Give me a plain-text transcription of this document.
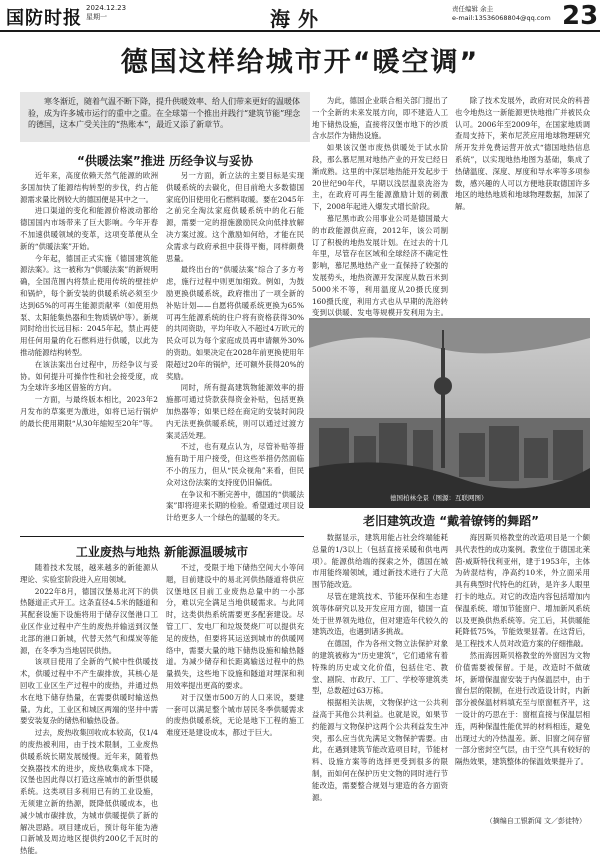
国防时报 2024.12.23
星期一	海外	责任编辑 余圭
e-mail:13536068804@qq.com 23
德国这样给城市开“暖空调”
寒冬渐近，随着气温不断下降，提升供暖效率、给人们带来更好的温暖体验，成为许多城市运行的重中之重。在全球第一个推出并践行“建筑节能”理念的德国，这本广受关注的“热账本”，最近又添了新章节。
“供暖法案”推进 历经争议与妥协

近年来，高度依赖天然气能源的欧洲多国加快了能源结构转型的步伐，约占能源需求量比例较大的德国便是其中之一。

进口渠道的变化和能源价格波动都给德国国内市场带来了巨大影响。今年开春不加速供暖领域的变革，这项变革便从全新的“供暖法案”开始。

今年起，德国正式实施《德国建筑能源法案》。这一被称为“供暖法案”的新规明确，全国范围内将禁止使用传统的壁挂炉和锅炉，每个新安装的供暖系统必须至少达到65%的可再生能源贡献率（如使用热泵、太阳能集热器和生物质锅炉等）。新规同时给出长远目标：2045年起，禁止再使用任何用量的化石燃料进行供暖，以此为推动能源结构转型。

在该法案出台过程中，历经争议与妥协。如何提升可操作性和社会接受度，成为全球许多地区借鉴的方向。

一方面，与最终版本相比，2023年2月发布的草案更为激进，如将已运行锅炉的最长使用期限“从30年缩短至20年”等。

另一方面，新立法的主要目标是实现供暖系统的去碳化，但目前绝大多数德国家庭仍旧使用化石燃料取暖。要在2045年之前完全淘汰家庭供暖系统中的化石能源，需要一定的措施激励民众向低排放解决方案过渡。这个激励如何给，才能在民众需求与政府承担中获得平衡，同样颇费思量。

最终出台的“供暖法案”综合了多方考虑，施行过程中则更加细致。例如，为鼓励更换供暖系统，政府推出了一项全新的补贴计划——自愿将供暖系统更换为65%可再生能源系统的住户将有资格获得30%的共同资助，平均年收入不超过4万欧元的民众可以为每个家庭成员再申请额外30%的资助。如果决定在2028年前更换使用年限超过20年的锅炉，还可额外获得20%的奖励。

同时，所有提高建筑物能源效率的措施都可通过贷款获得资金补贴，包括更换加热器等；如果已经在商定的安装时间段内无法更换供暖系统，则可以通过过渡方案灵活处理。

不过，也有观点认为，尽管补贴等措施有助于用户接受，但这些举措仍然面临不小的压力，但从“民众视角”来看，但民众对这份法案的支持度仍旧偏低。

在争议和不断完善中，德国的“供暖法案”即将迎来长期的检验。希望通过项目设计给更多人一个绿色的温暖的冬天。

为此，德国企业联合相关部门提出了一个全新的未来发展方向，即不建造人工地下储热设施，直接将汉堡市地下的沙质含水层作为储热设施。

如果该汉堡市废热供暖处于试水阶段，那么慕尼黑对地热产业的开发已经日渐成熟。这里的中深层地热能开发起步于20世纪90年代，早期以浅层温泉洗浴为主，在政府可再生能源激励计划的刺激下，2008年起进入爆发式增长阶段。

慕尼黑市政公用事业公司是德国最大的市政能源供应商，2012年，该公司制订了积极的地热发展计划。在过去的十几年里，尽管存在区域和全球经济不确定性影响，慕尼黑地热产业一直保持了较强的发展势头，地热资源开发深度从数百米到5000米不等，利用温度从20摄氏度到160摄氏度，利用方式也从早期的洗浴转变到以供暖、发电等规模开发利用为主。

除了技术发展外，政府对民众的科普也令地热这一新能源更快地推广并被民众认可。2006年至2009年，在国家地质调查局支持下，莱布尼茨应用地球物理研究所开发并免费运营开放式“德国地热信息系统”，以实现地热地图为基础，集成了热储温度、深度、厚度和导水率等多项参数，感兴趣的人可以方便地获取德国许多地区的地热地质和地球物理数据，加深了解。

德国柏林全景（图源：互联网图）
老旧建筑改造 “戴着镣铐的舞蹈”

数据显示，建筑用能占社会终端能耗总量的1/3以上（包括直接采暖和供电两项）。能源供给端的探索之外，德国在城市用能终端领域，通过新技术进行了大范围节能改造。

尽管在建筑技术、节能环保和生态建筑等体研究以及开发应用方面，德国一直处于世界领先地位，但对建造年代较久的建筑改造，也遇到诸多挑战。

在德国，作为各州文物立法保护对象的建筑被称为“历史建筑”，它们通常有着特殊的历史或文化价值，包括住宅、教堂、剧院、市政厅、工厂、学校等建筑类型，总数超过63万栋。

根据相关法规，文物保护这一公共利益高于其他公共利益。也就是说，如果节约能源与文物保护这两个公共利益发生冲突，那么应当优先满足文物保护需要。由此，在遇到建筑节能改造项目时，节能材料、设施方案等的选择更受到很多的限制，而如何在保护历史文物的同时进行节能改造，需要整合规划与建造的各方面资源。

海因斯贝格教堂的改造项目是一个颇具代表性的成功案例。教堂位于德国北莱茵-威斯特伐利亚州，建于1953年，主体为砖混结构，净高约10米，外立面采用具有典型时代特色的红砖，是许多人眼里打卡的地点。对它的改造内容包括增加内保温系统、增加节能窗户、增加新风系统以及更换供热系统等。完工后，其供暖能耗降低75%，节能效果显著。在这背后，是工程技术人员对改造方案的仔细推敲。

然而海因斯贝格教堂的外窗因为文物价值需要被保留。于是，改造时不做破坏，新增保温窗安装于内保温层中，由于窗台层的限制，在进行改造设计时，内新部分被保温材料填充至与原窗框齐平，这一设计的巧思在于：窗框直接与保温层相连，两种保温性能优异的材料相连，避免出现过大的冷热温差。新、旧窗之间存留一部分密封空气层，由于空气具有较好的隔热效果，建筑整体的保温效果提升了。

工业废热与地热 新能源温暖城市

随着技术发展，越来越多的新能源从理论、实验室阶段进入应用领域。

2022年8月，德国汉堡易北河下的供热隧道正式开工。这条直径4.5米的隧道和其配套设施下设施将用于储存汉堡港口工业区作业过程中产生的废热并输送到汉堡北部的港口新城，代替天然气和煤炭等能源，在冬季为当地居民供热。

该项目使用了全新的气候中性供暖技术，供暖过程中不产生碳排放，其核心是回收工业区生产过程中的废热，并通过热水在地下储存热量，在需要供暖时输送热量。为此，工业区和城区两端的坚井中需要安装复杂的储热和输热设备。

过去，废热收集回收成本较高，仅1/4的废热被利用，由于技术限制，工业废热供暖系统长期发展缓慢。近年来，随着热交换器技术的进步，废热收集成本下降，汉堡也因此得以打造这座城市的新型供暖系统。这类项目多利用已有的工业设施，无须建立新的热源，既降低供暖成本，也减少城市碳排放，为城市供暖提供了新的解决思路。项目建成后，预计每年能为港口新城及周边地区提供约200亿千瓦时的热能。

不过，受限于地下储热空间大小等问题，目前建设中的易北河供热隧道将供应汉堡地区目前工业废热总量中的一小部分，难以完全满足当地供暖需求。与此同时，这类供热系统需要更多配套建设。尽管工厂、发电厂和垃圾焚烧厂可以提供充足的废热，但要将其运送到城市的供暖网络中，需要大量的地下储热设施和输热隧道。为减少储存和长距离输送过程中的热量损失，这些地下设施和隧道对埋深和利用效率提出更高的要求。

对于汉堡市500万的人口来说，要建一套可以满足整个城市居民冬季供暖需求的废热供暖系统，无论是地下工程的施工难度还是建设成本，都过于巨大。

（摘编自工银新闻 文／彭徒特）
